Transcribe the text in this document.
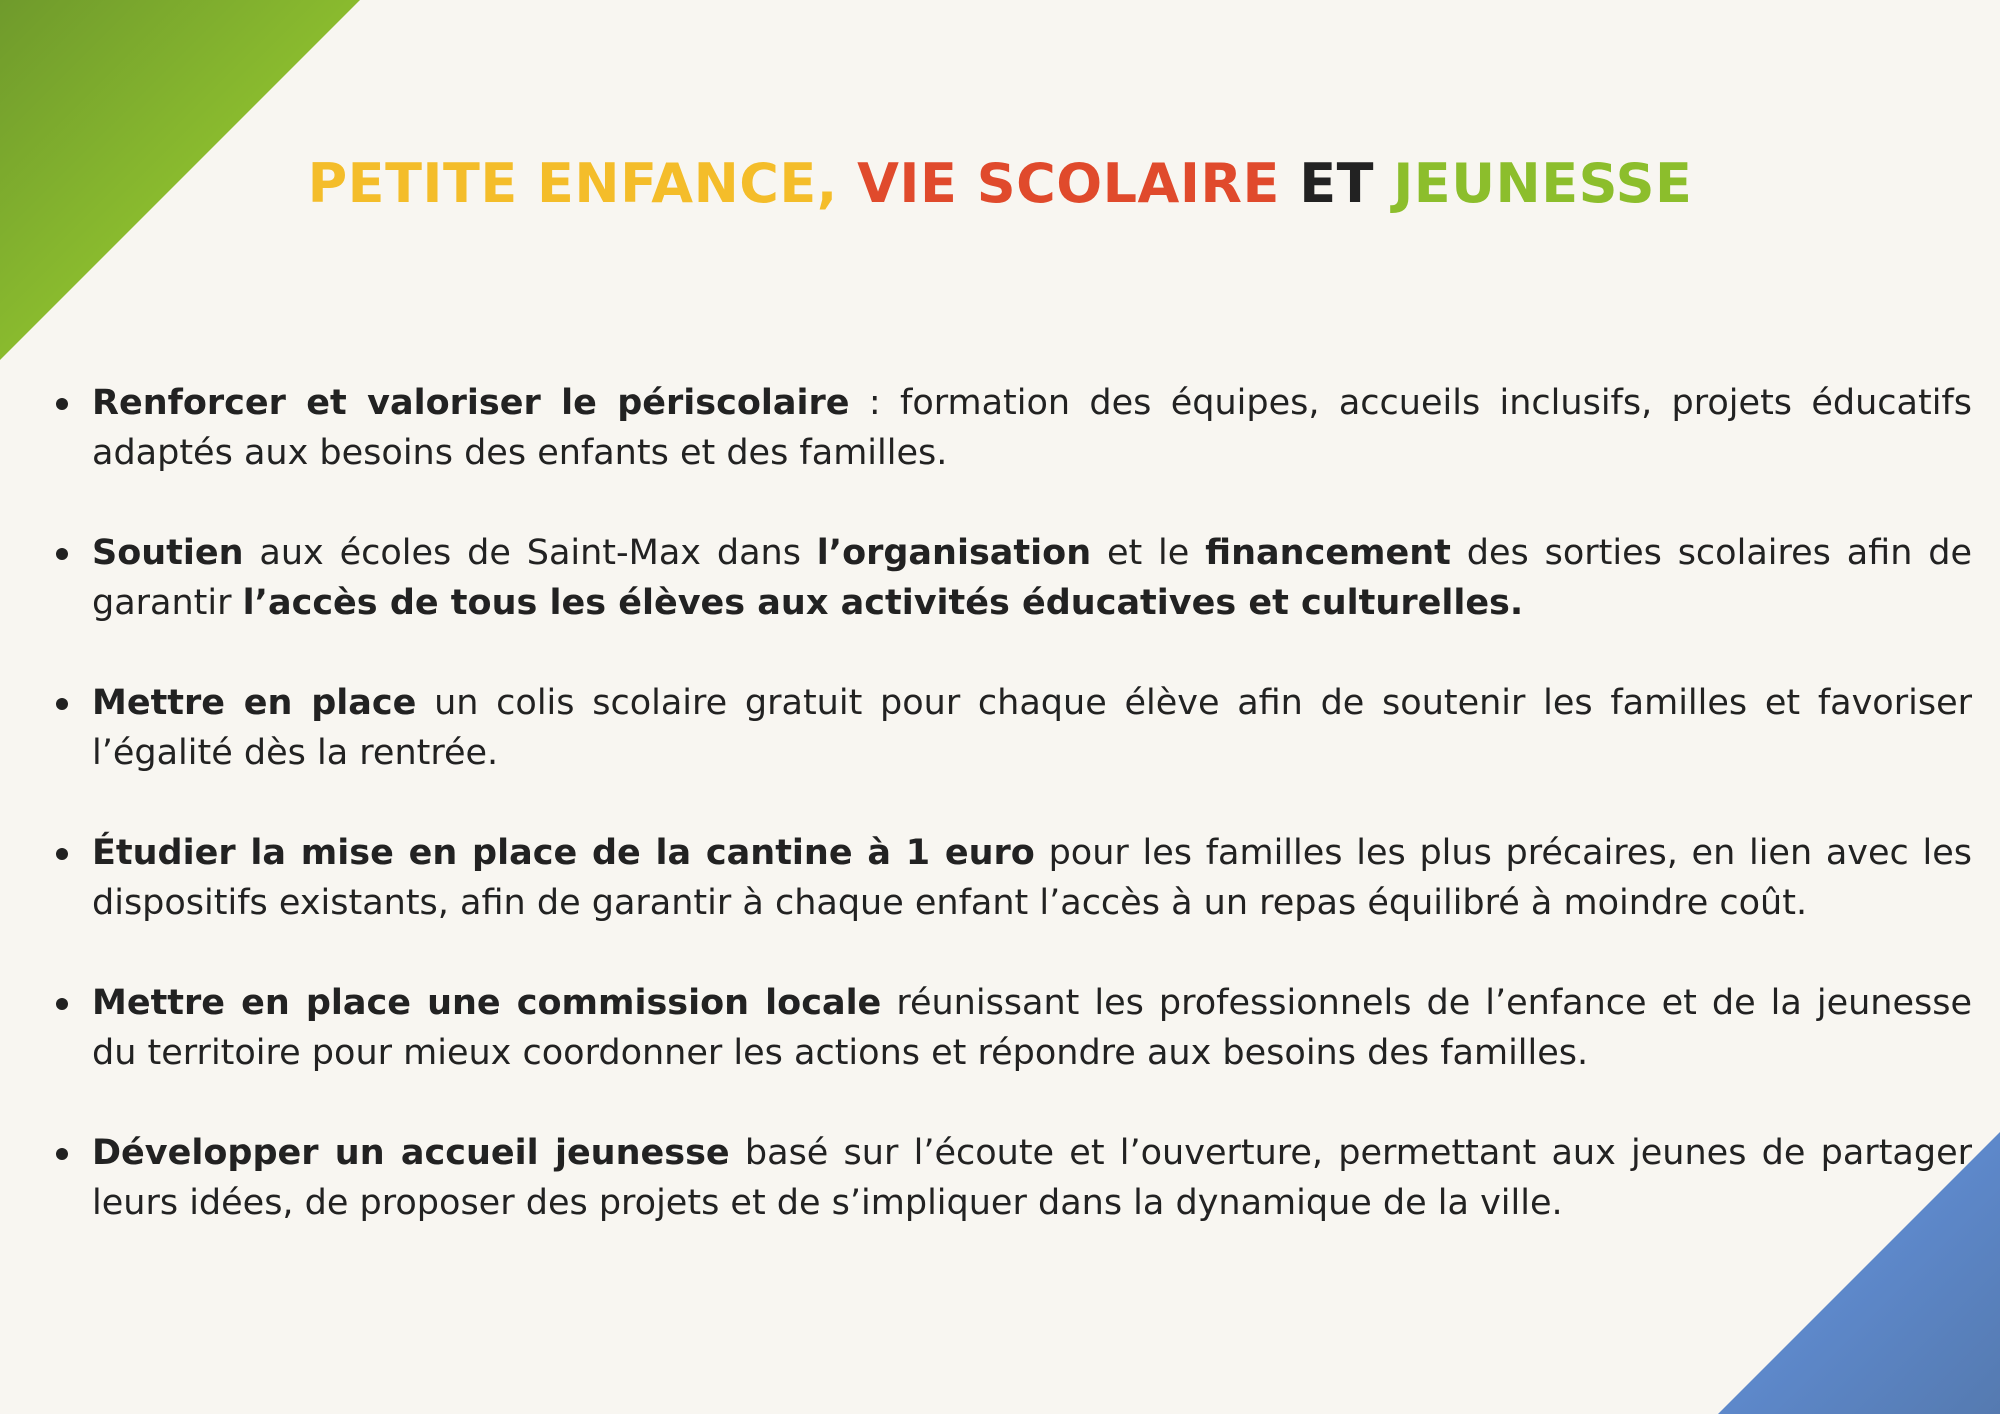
PETITE ENFANCE, VIE SCOLAIRE ET JEUNESSE
Renforcer et valoriser le périscolaire : formation des équipes, accueils inclusifs, projets éducatifs adaptés aux besoins des enfants et des familles.
Soutien aux écoles de Saint-Max dans l’organisation et le financement des sorties scolaires afin de garantir l’accès de tous les élèves aux activités éducatives et culturelles.
Mettre en place un colis scolaire gratuit pour chaque élève afin de soutenir les familles et favoriser l’égalité dès la rentrée.
Étudier la mise en place de la cantine à 1 euro pour les familles les plus précaires, en lien avec les dispositifs existants, afin de garantir à chaque enfant l’accès à un repas équilibré à moindre coût.
Mettre en place une commission locale réunissant les professionnels de l’enfance et de la jeunesse du territoire pour mieux coordonner les actions et répondre aux besoins des familles.
Développer un accueil jeunesse basé sur l’écoute et l’ouverture, permettant aux jeunes de partager leurs idées, de proposer des projets et de s’impliquer dans la dynamique de la ville.
